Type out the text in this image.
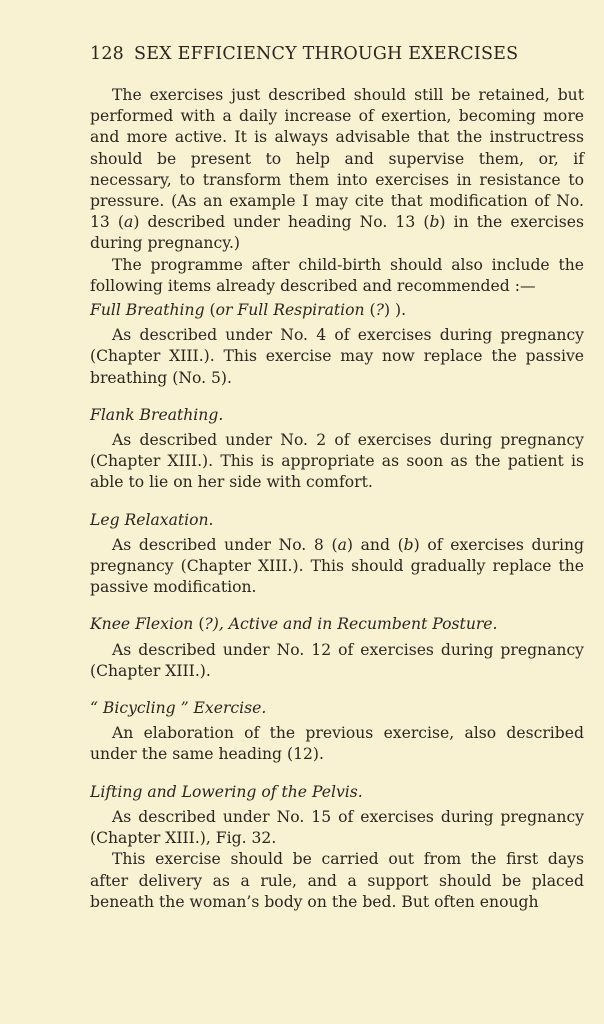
128 SEX EFFICIENCY THROUGH EXERCISES

The exercises just described should still be retained, but performed with a daily increase of exertion, becoming more and more active. It is always advisable that the instructress should be present to help and supervise them, or, if necessary, to transform them into exercises in resistance to pressure. (As an example I may cite that modification of No. 13 (a) described under heading No. 13 (b) in the exercises during pregnancy.)

The programme after child-birth should also include the following items already described and recommended :—

Full Breathing (or Full Respiration (?) ).

As described under No. 4 of exercises during pregnancy (Chapter XIII.). This exercise may now replace the passive breathing (No. 5).

Flank Breathing.

As described under No. 2 of exercises during pregnancy (Chapter XIII.). This is appropriate as soon as the patient is able to lie on her side with comfort.

Leg Relaxation.

As described under No. 8 (a) and (b) of exercises during pregnancy (Chapter XIII.). This should gradually replace the passive modification.

Knee Flexion (?), Active and in Recumbent Posture.

As described under No. 12 of exercises during pregnancy (Chapter XIII.).

“ Bicycling ” Exercise.

An elaboration of the previous exercise, also described under the same heading (12).

Lifting and Lowering of the Pelvis.

As described under No. 15 of exercises during pregnancy (Chapter XIII.), Fig. 32.

This exercise should be carried out from the first days after delivery as a rule, and a support should be placed beneath the woman’s body on the bed. But often enough
